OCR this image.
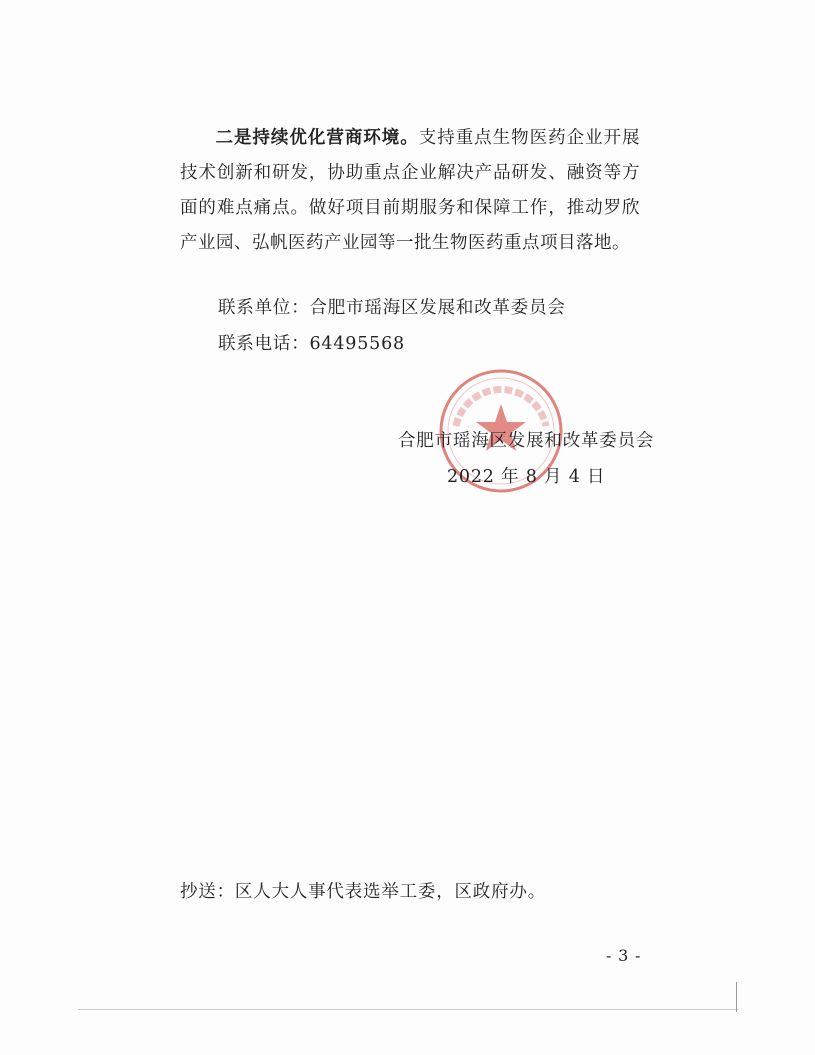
二是持续优化营商环境。支持重点生物医药企业开展技术创新和研发，协助重点企业解决产品研发、融资等方面的难点痛点。做好项目前期服务和保障工作，推动罗欣产业园、弘帆医药产业园等一批生物医药重点项目落地。
联系单位：合肥市瑶海区发展和改革委员会
联系电话：64495568
合肥市瑶海区发展和改革委员会
2022 年 8 月 4 日
抄送：区人大人事代表选举工委，区政府办。
- 3 -
